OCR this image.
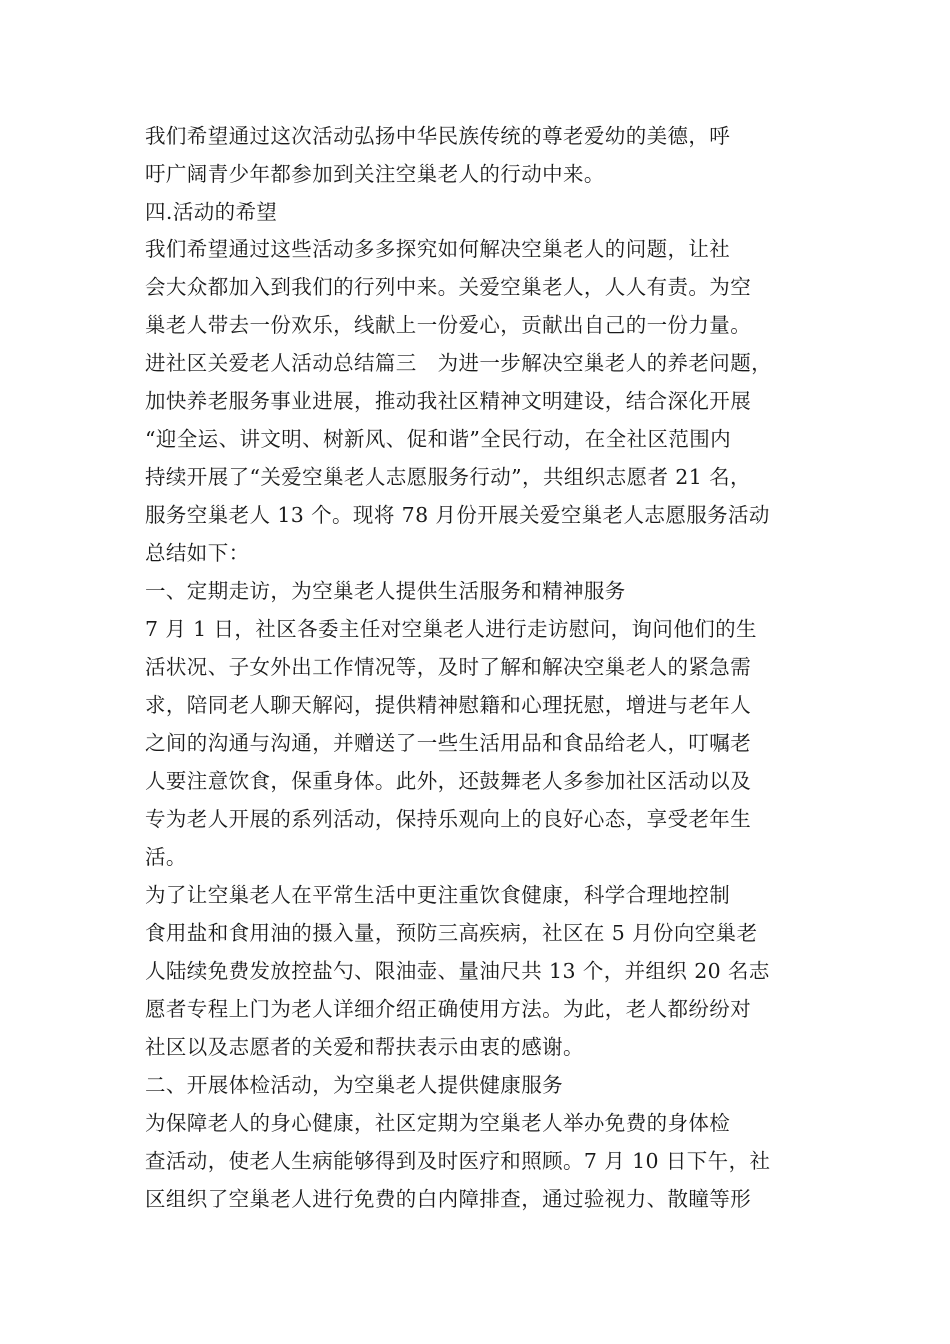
我们希望通过这次活动弘扬中华民族传统的尊老爱幼的美德，呼
吁广阔青少年都参加到关注空巢老人的行动中来。
四.活动的希望
我们希望通过这些活动多多探究如何解决空巢老人的问题，让社
会大众都加入到我们的行列中来。关爱空巢老人，人人有责。为空
巢老人带去一份欢乐，线献上一份爱心，贡献出自己的一份力量。
进社区关爱老人活动总结篇三　为进一步解决空巢老人的养老问题，
加快养老服务事业进展，推动我社区精神文明建设，结合深化开展
“迎全运、讲文明、树新风、促和谐”全民行动，在全社区范围内
持续开展了“关爱空巢老人志愿服务行动”，共组织志愿者 21 名，
服务空巢老人 13 个。现将 78 月份开展关爱空巢老人志愿服务活动
总结如下：
一、定期走访，为空巢老人提供生活服务和精神服务
7 月 1 日，社区各委主任对空巢老人进行走访慰问，询问他们的生
活状况、子女外出工作情况等，及时了解和解决空巢老人的紧急需
求，陪同老人聊天解闷，提供精神慰籍和心理抚慰，增进与老年人
之间的沟通与沟通，并赠送了一些生活用品和食品给老人，叮嘱老
人要注意饮食，保重身体。此外，还鼓舞老人多参加社区活动以及
专为老人开展的系列活动，保持乐观向上的良好心态，享受老年生
活。
为了让空巢老人在平常生活中更注重饮食健康，科学合理地控制
食用盐和食用油的摄入量，预防三高疾病，社区在 5 月份向空巢老
人陆续免费发放控盐勺、限油壶、量油尺共 13 个，并组织 20 名志
愿者专程上门为老人详细介绍正确使用方法。为此，老人都纷纷对
社区以及志愿者的关爱和帮扶表示由衷的感谢。
二、开展体检活动，为空巢老人提供健康服务
为保障老人的身心健康，社区定期为空巢老人举办免费的身体检
查活动，使老人生病能够得到及时医疗和照顾。7 月 10 日下午，社
区组织了空巢老人进行免费的白内障排查，通过验视力、散瞳等形
